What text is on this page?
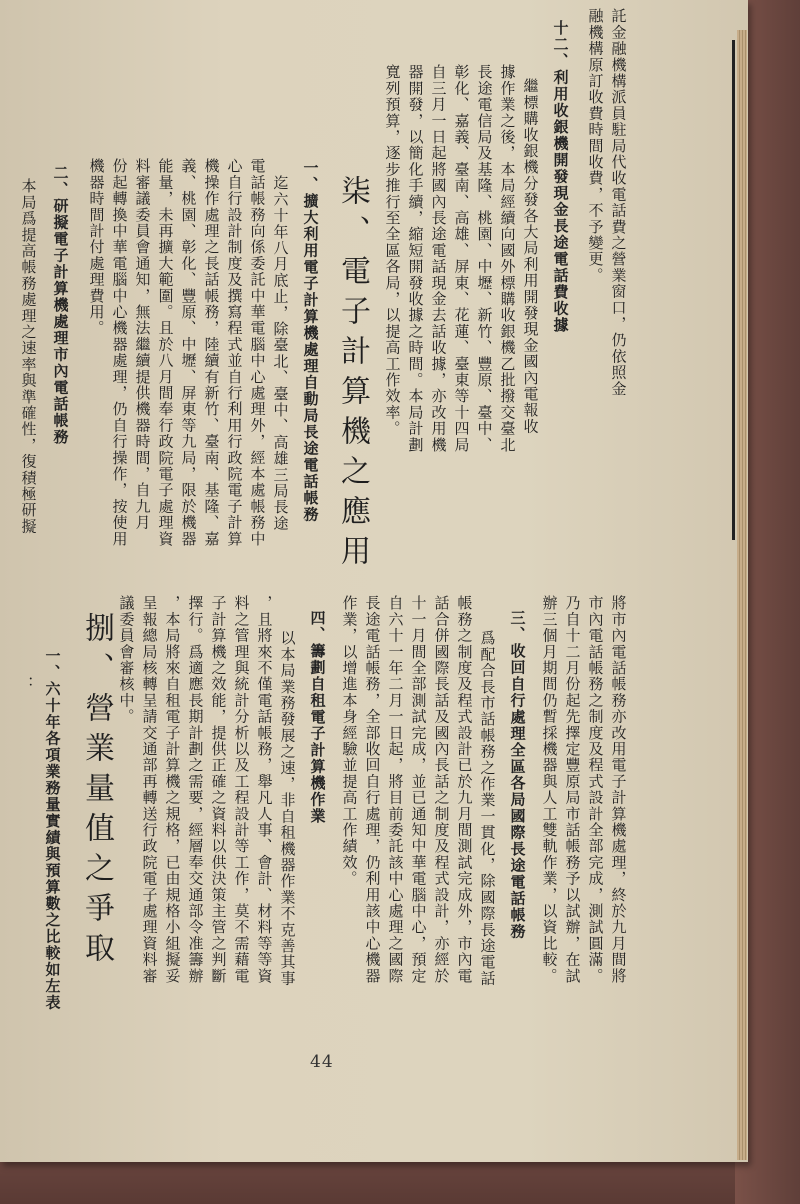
託金融機構派員駐局代收電話費之營業窗口，仍依照金
融機構原訂收費時間收費，不予變更。
十二、利用收銀機開發現金長途電話費收據
繼標購收銀機分發各大局利用開發現金國內電報收
據作業之後，本局經續向國外標購收銀機乙批撥交臺北
長途電信局及基隆、桃園、中壢、新竹、豐原、臺中、
彰化、嘉義、臺南、高雄、屏東、花蓮、臺東等十四局
自三月一日起將國內長途電話現金去話收據，亦改用機
器開發，以簡化手續，縮短開發收據之時間。本局計劃
寬列預算，逐步推行至全區各局，以提高工作效率。
柒、電子計算機之應用
一、擴大利用電子計算機處理自動局長途電話帳務
迄六十年八月底止，除臺北、臺中、高雄三局長途
電話帳務向係委託中華電腦中心處理外，經本處帳務中
心自行設計制度及撰寫程式並自行利用行政院電子計算
機操作處理之長話帳務，陸續有新竹、臺南、基隆、嘉
義、桃園、彰化、豐原、中壢、屏東等九局，限於機器
能量，未再擴大範圍。且於八月間奉行政院電子處理資
料審議委員會通知，無法繼續提供機器時間，自九月
份起轉換中華電腦中心機器處理，仍自行操作，按使用
機器時間計付處理費用。
二、研擬電子計算機處理市內電話帳務
本局爲提高帳務處理之速率與準確性，復積極研擬
將市內電話帳務亦改用電子計算機處理，終於九月間將
市內電話帳務之制度及程式設計全部完成，測試圓滿。
乃自十二月份起先擇定豐原局市話帳務予以試辦，在試
辦三個月期間仍暫採機器與人工雙軌作業，以資比較。
三、收回自行處理全區各局國際長途電話帳務
爲配合長市話帳務之作業一貫化，除國際長途電話
帳務之制度及程式設計已於九月間測試完成外，市內電
話合併國際長話及國內長話之制度及程式設計，亦經於
十一月間全部測試完成，並已通知中華電腦中心，預定
自六十一年二月一日起，將目前委託該中心處理之國際
長途電話帳務，全部收回自行處理，仍利用該中心機器
作業，以增進本身經驗並提高工作績效。
四、籌劃自租電子計算機作業
以本局業務發展之速，非自租機器作業不克善其事
，且將來不僅電話帳務，舉凡人事、會計、材料等等資
料之管理與統計分析以及工程設計等工作，莫不需藉電
子計算機之效能，提供正確之資料以供決策主管之判斷
擇行。爲適應長期計劃之需要，經層奉交通部令准籌辦
，本局將來自租電子計算機之規格，已由規格小組擬妥
呈報總局核轉呈請交通部再轉送行政院電子處理資料審
議委員會審核中。
捌、營業量值之爭取
一、六十年各項業務量實績與預算數之比較如左表
：
44
